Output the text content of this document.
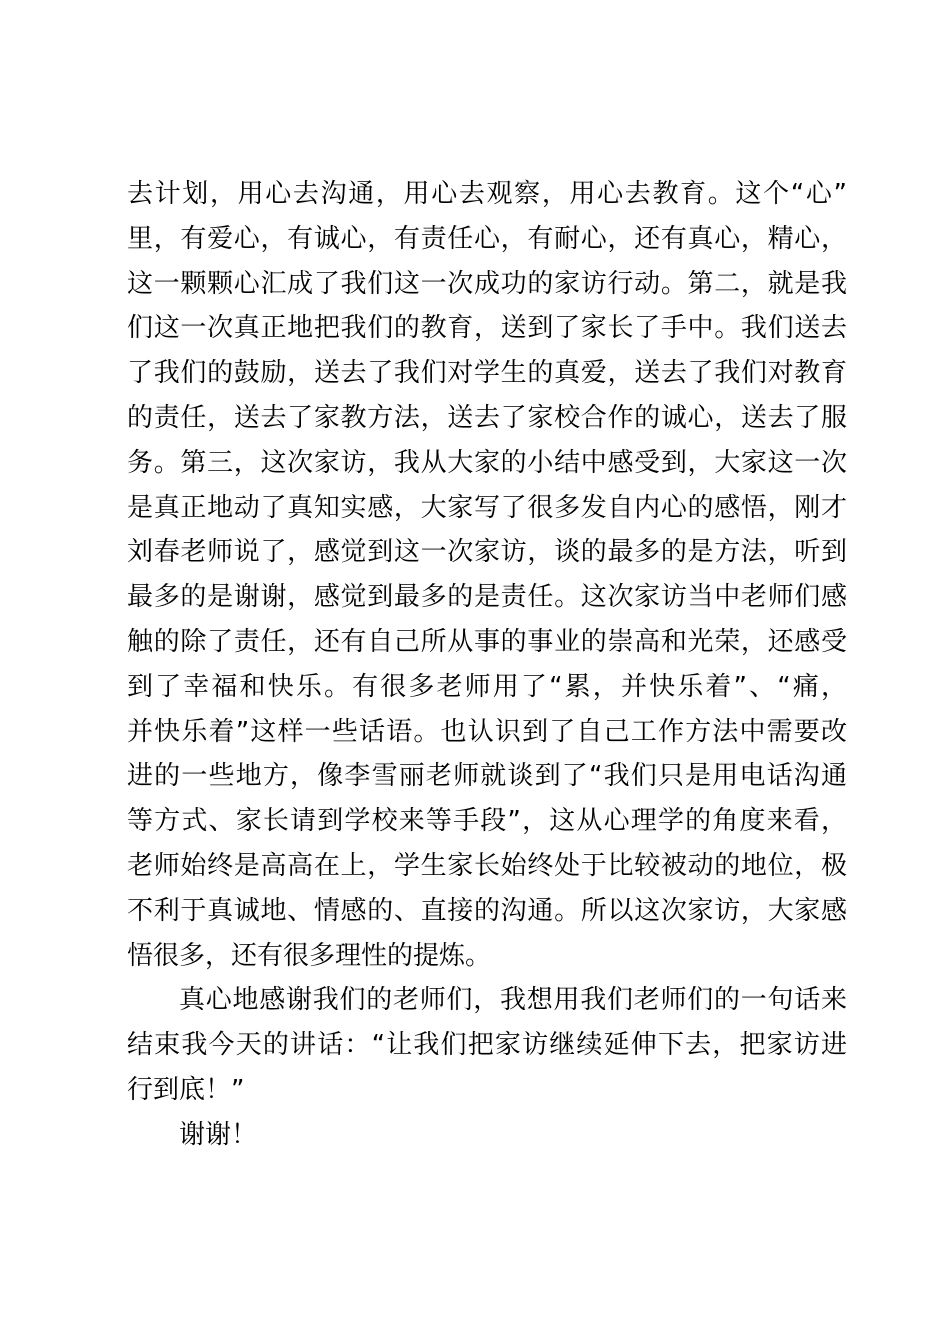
去计划，用心去沟通，用心去观察，用心去教育。这个“心”
里，有爱心，有诚心，有责任心，有耐心，还有真心，精心，
这一颗颗心汇成了我们这一次成功的家访行动。第二，就是我
们这一次真正地把我们的教育，送到了家长了手中。我们送去
了我们的鼓励，送去了我们对学生的真爱，送去了我们对教育
的责任，送去了家教方法，送去了家校合作的诚心，送去了服
务。第三，这次家访，我从大家的小结中感受到，大家这一次
是真正地动了真知实感，大家写了很多发自内心的感悟，刚才
刘春老师说了，感觉到这一次家访，谈的最多的是方法，听到
最多的是谢谢，感觉到最多的是责任。这次家访当中老师们感
触的除了责任，还有自己所从事的事业的崇高和光荣，还感受
到了幸福和快乐。有很多老师用了“累，并快乐着”、“痛，
并快乐着”这样一些话语。也认识到了自己工作方法中需要改
进的一些地方，像李雪丽老师就谈到了“我们只是用电话沟通
等方式、家长请到学校来等手段”，这从心理学的角度来看，
老师始终是高高在上，学生家长始终处于比较被动的地位，极
不利于真诚地、情感的、直接的沟通。所以这次家访，大家感
悟很多，还有很多理性的提炼。
真心地感谢我们的老师们，我想用我们老师们的一句话来
结束我今天的讲话：“让我们把家访继续延伸下去，把家访进
行到底！”
谢谢！
